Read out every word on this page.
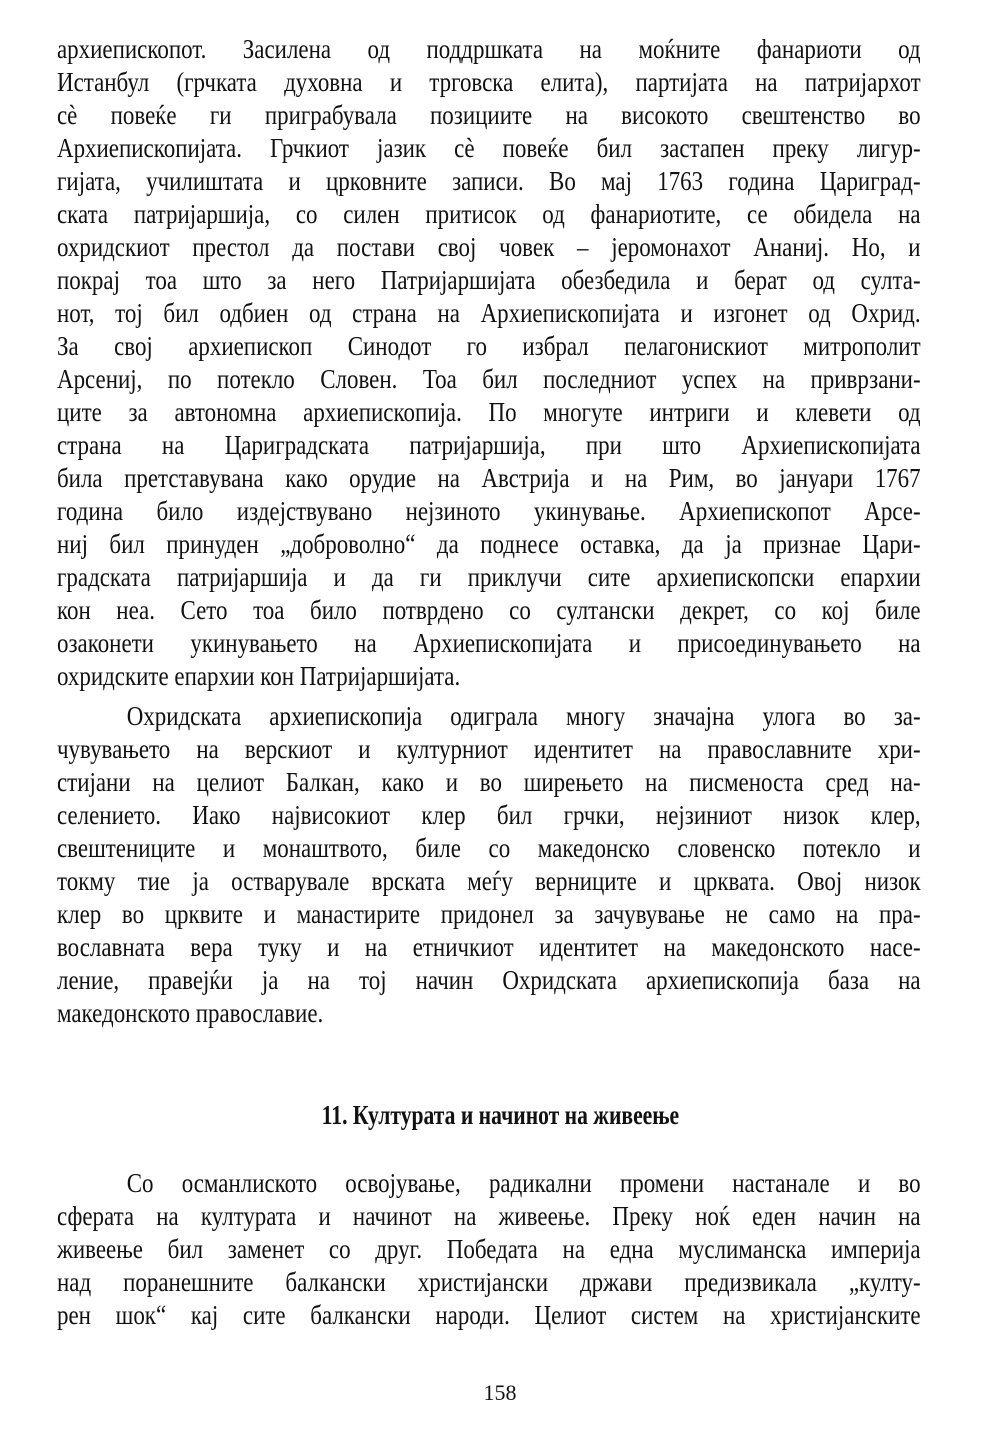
архиепископот. Засилена од поддршката на моќните фанариоти од
Истанбул (грчката духовна и трговска елита), партијата на патријархот
сѐ повеќе ги приграбувала позициите на високото свештенство во
Архиепископијата. Грчкиот јазик сѐ повеќе бил застапен преку лигур-
гијата, училиштата и црковните записи. Во мај 1763 година Цариград-
ската патријаршија, со силен притисок од фанариотите, се обидела на
охридскиот престол да постави свој човек – јеромонахот Ананиј. Но, и
покрај тоа што за него Патријаршијата обезбедила и берат од султа-
нот, тој бил одбиен од страна на Архиепископијата и изгонет од Охрид.
За свој архиепископ Синодот го избрал пелагонискиот митрополит
Арсениј, по потекло Словен. Тоа бил последниот успех на приврзани-
ците за автономна архиепископија. По многуте интриги и клевети од
страна на Цариградската патријаршија, при што Архиепископијата
била претставувана како орудие на Австрија и на Рим, во јануари 1767
година било издејствувано нејзиното укинување. Архиепископот Арсе-
ниј бил принуден „доброволно“ да поднесе оставка, да ја признае Цари-
градската патријаршија и да ги приклучи сите архиепископски епархии
кон неа. Сето тоа било потврдено со султански декрет, со кој биле
озаконети укинувањето на Архиепископијата и присоединувањето на
охридските епархии кон Патријаршијата.
Охридската архиепископија одиграла многу значајна улога во за-
чувувањето на верскиот и културниот идентитет на православните хри-
стијани на целиот Балкан, како и во ширењето на писменоста сред на-
селението. Иако највисокиот клер бил грчки, нејзиниот низок клер,
свештениците и монаштвото, биле со македонско словенско потекло и
токму тие ја остварувале врската меѓу верниците и црквата. Овој низок
клер во црквите и манастирите придонел за зачувување не само на пра-
вославната вера туку и на етничкиот идентитет на македонското насе-
ление, правејќи ја на тој начин Охридската архиепископија база на
македонското православие.
11. Културата и начинот на живеење
Со османлиското освојување, радикални промени настанале и во
сферата на културата и начинот на живеење. Преку ноќ еден начин на
живеење бил заменет со друг. Победата на една муслиманска империја
над поранешните балкански христијански држави предизвикала „култу-
рен шок“ кај сите балкански народи. Целиот систем на христијанските
158
